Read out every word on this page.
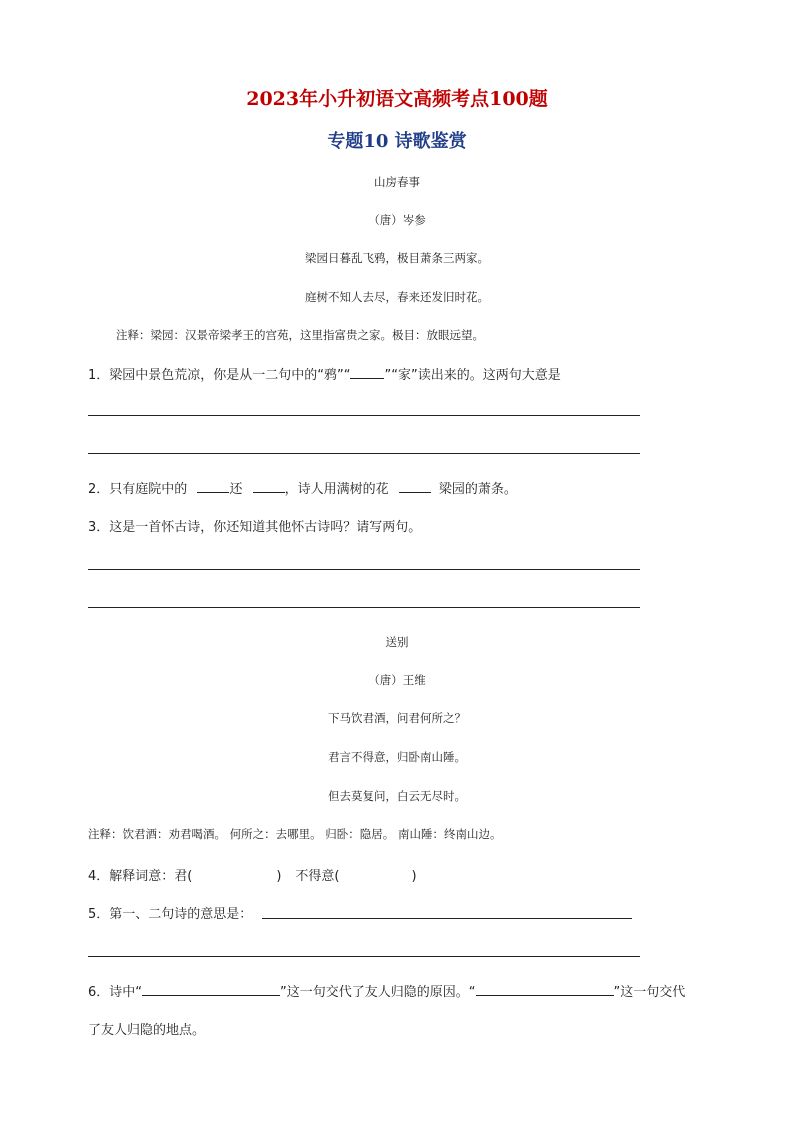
2023年小升初语文高频考点100题
专题10 诗歌鉴赏
山房春事
（唐）岑参
梁园日暮乱飞鸦，极目萧条三两家。
庭树不知人去尽，春来还发旧时花。
注释：梁园：汉景帝梁孝王的宫苑，这里指富贵之家。极目：放眼远望。
1．梁园中景色荒凉，你是从一二句中的“鸦”“	”“家”读出来的。这两句大意是
2．只有庭院中的	还	，诗人用满树的花	梁园的萧条。
3．这是一首怀古诗，你还知道其他怀古诗吗？请写两句。
送别
（唐）王维
下马饮君酒，问君何所之？
君言不得意，归卧南山陲。
但去莫复问，白云无尽时。
注释：饮君酒：劝君喝酒。 何所之：去哪里。 归卧：隐居。 南山陲：终南山边。
4．解释词意：君(	) 不得意(	)
5．第一、二句诗的意思是：
6．诗中“	”这一句交代了友人归隐的原因。“	”这一句交代
了友人归隐的地点。
